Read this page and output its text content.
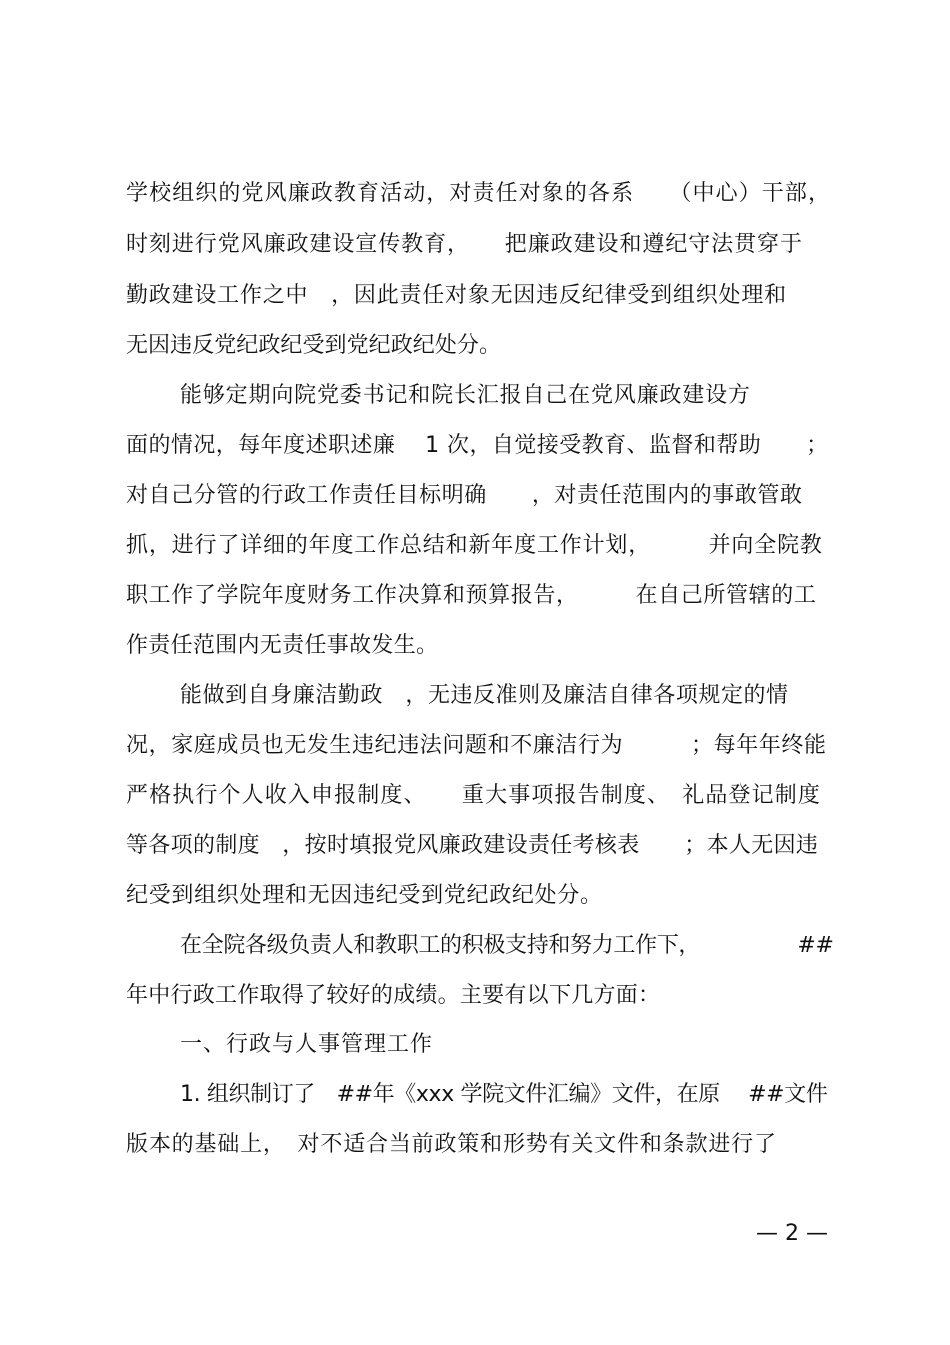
学校组织的党风廉政教育活动，对责任对象的各系　　（中心）干部，
时刻进行党风廉政建设宣传教育，　　把廉政建设和遵纪守法贯穿于
勤政建设工作之中　，因此责任对象无因违反纪律受到组织处理和
无因违反党纪政纪受到党纪政纪处分。
能够定期向院党委书记和院长汇报自己在党风廉政建设方
面的情况，每年度述职述廉　 1 次，自觉接受教育、监督和帮助　　；
对自己分管的行政工作责任目标明确　　，对责任范围内的事敢管敢
抓，进行了详细的年度工作总结和新年度工作计划，　　　并向全院教
职工作了学院年度财务工作决算和预算报告，　　　在自己所管辖的工
作责任范围内无责任事故发生。
能做到自身廉洁勤政　，无违反准则及廉洁自律各项规定的情
况，家庭成员也无发生违纪违法问题和不廉洁行为　　　；每年年终能
严格执行个人收入申报制度、　　重大事项报告制度、　礼品登记制度
等各项的制度　，按时填报党风廉政建设责任考核表　　；本人无因违
纪受到组织处理和无因违纪受到党纪政纪处分。
在全院各级负责人和教职工的积极支持和努力工作下，　　　　　##
年中行政工作取得了较好的成绩。主要有以下几方面：
一、行政与人事管理工作
1. 组织制订了　##年《xxx 学院文件汇编》文件，在原　 ##文件
版本的基础上，　对不适合当前政策和形势有关文件和条款进行了
— 2 —
